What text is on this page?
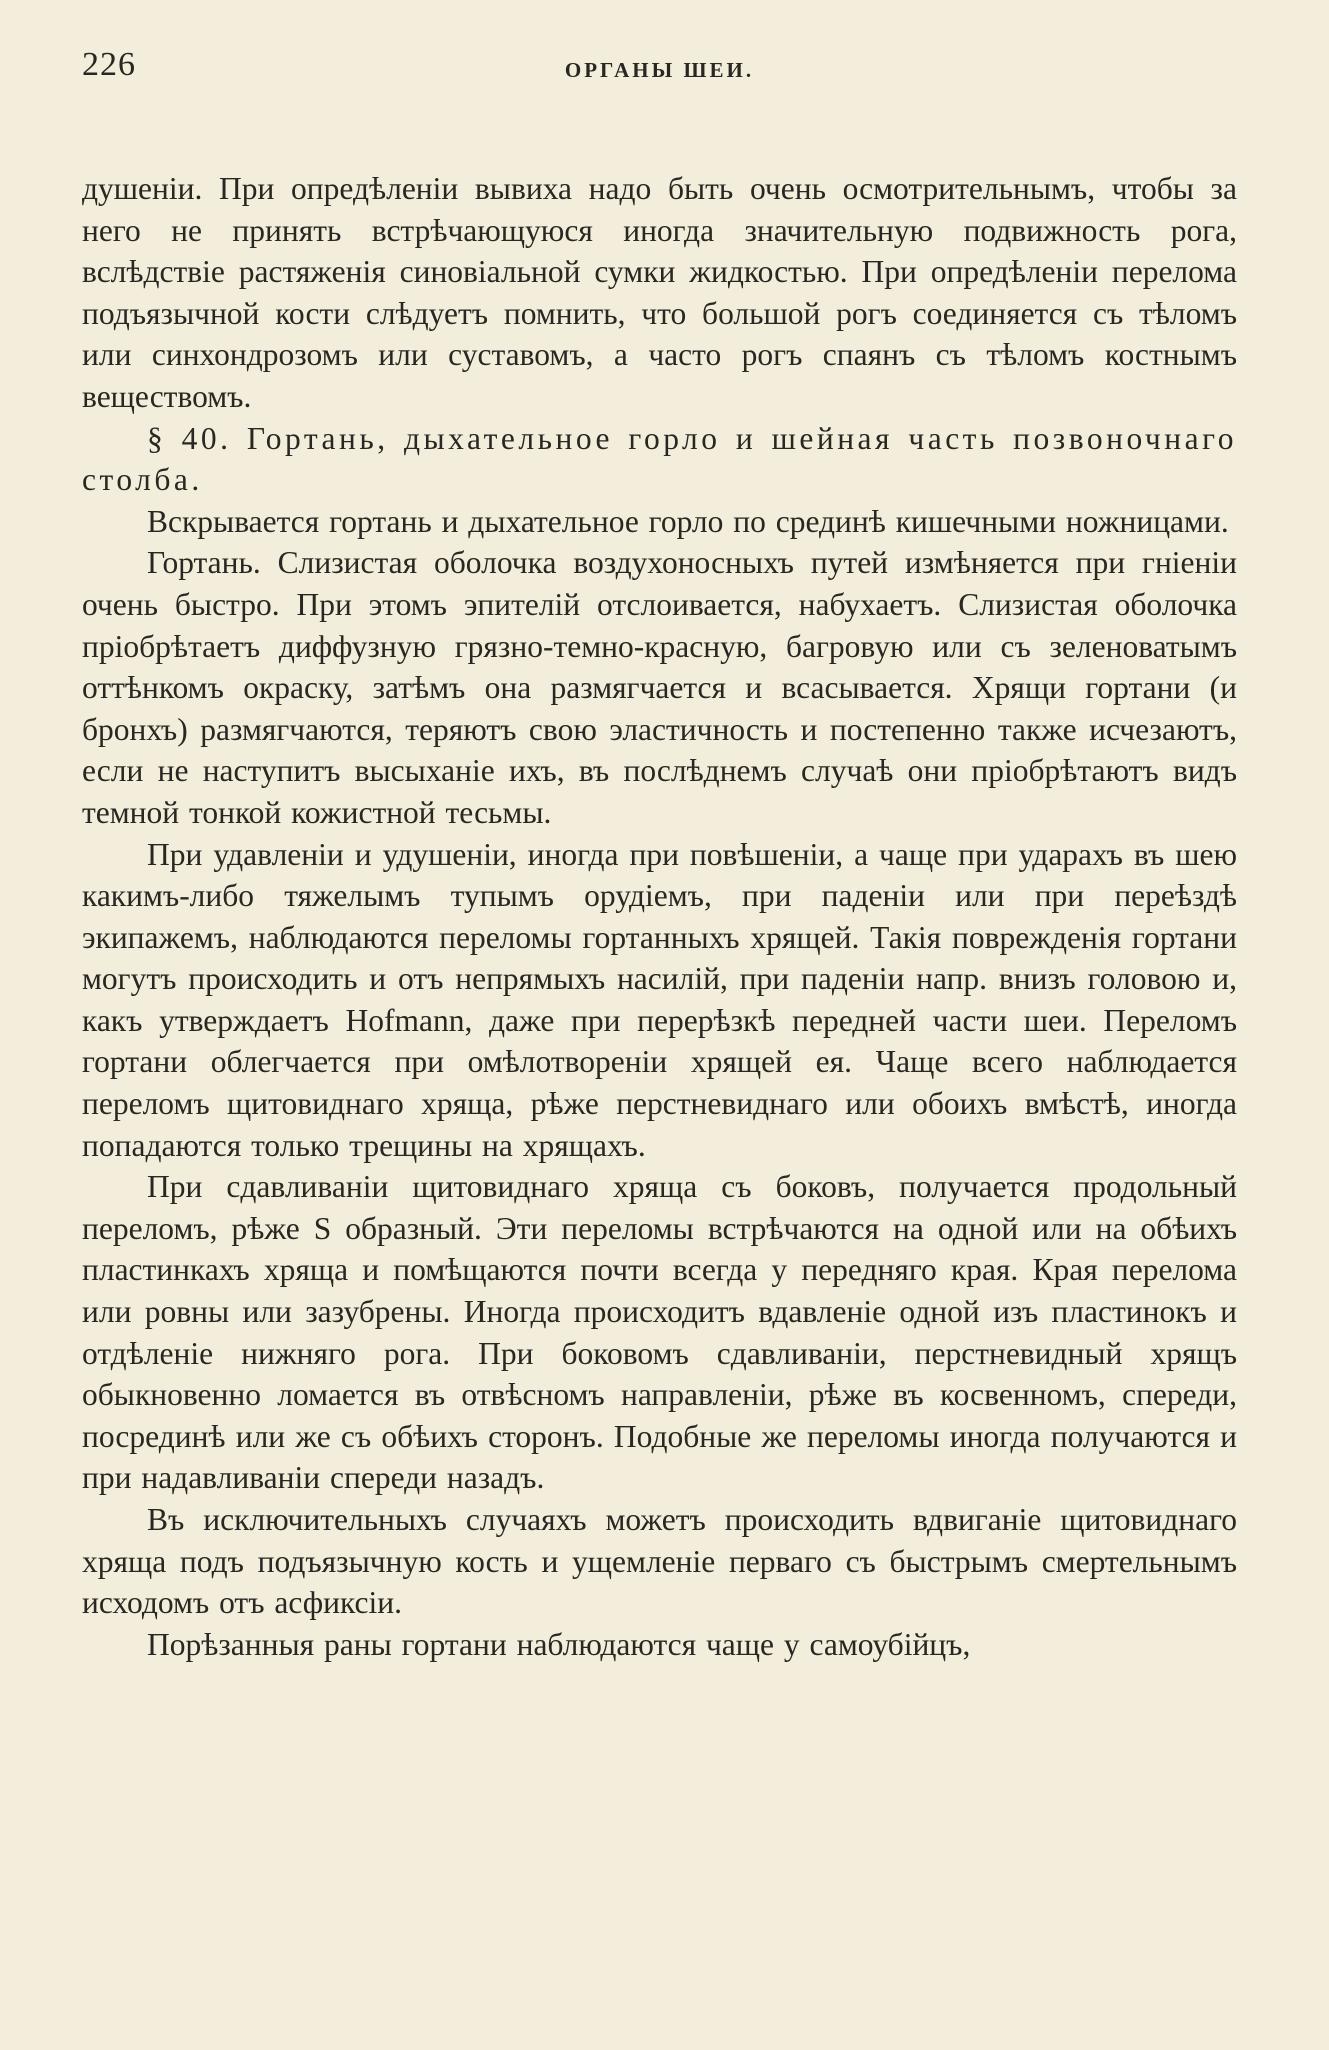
226	ОРГАНЫ ШЕИ.

душенiи. При опредѣленiи вывиха надо быть очень осмотрительнымъ, чтобы за него не принять встрѣчающуюся иногда значительную подвижность рога, вслѣдствiе растяженiя синовiальной сумки жидкостью. При опредѣленiи перелома подъязычной кости слѣдуетъ помнить, что большой рогъ соединяется съ тѣломъ или синхондрозомъ или суставомъ, а часто рогъ спаянъ съ тѣломъ костнымъ веществомъ.

§ 40. Гортань, дыхательное горло и шейная часть позвоночнаго столба.

Вскрывается гортань и дыхательное горло по срединѣ кишечными ножницами.

Гортань. Слизистая оболочка воздухоносныхъ путей измѣняется при гнiенiи очень быстро. При этомъ эпителiй отслоивается, набухаетъ. Слизистая оболочка прiобрѣтаетъ диффузную грязно-темно-красную, багровую или съ зеленоватымъ оттѣнкомъ окраску, затѣмъ она размягчается и всасывается. Хрящи гортани (и бронхъ) размягчаются, теряютъ свою эластичность и постепенно также исчезаютъ, если не наступитъ высыханiе ихъ, въ послѣднемъ случаѣ они прiобрѣтаютъ видъ темной тонкой кожистной тесьмы.

При удавленiи и удушенiи, иногда при повѣшенiи, а чаще при ударахъ въ шею какимъ-либо тяжелымъ тупымъ орудiемъ, при паденiи или при переѣздѣ экипажемъ, наблюдаются переломы гортанныхъ хрящей. Такiя поврежденiя гортани могутъ происходить и отъ непрямыхъ насилiй, при паденiи напр. внизъ головою и, какъ утверждаетъ Hofmann, даже при перерѣзкѣ передней части шеи. Переломъ гортани облегчается при омѣлотворенiи хрящей ея. Чаще всего наблюдается переломъ щитовиднаго хряща, рѣже перстневиднаго или обоихъ вмѣстѣ, иногда попадаются только трещины на хрящахъ.

При сдавливанiи щитовиднаго хряща съ боковъ, получается продольный переломъ, рѣже S образный. Эти переломы встрѣчаются на одной или на обѣихъ пластинкахъ хряща и помѣщаются почти всегда у передняго края. Края перелома или ровны или зазубрены. Иногда происходитъ вдавленiе одной изъ пластинокъ и отдѣленiе нижняго рога. При боковомъ сдавливанiи, перстневидный хрящъ обыкновенно ломается въ отвѣсномъ направленiи, рѣже въ косвенномъ, спереди, посрединѣ или же съ обѣихъ сторонъ. Подобные же переломы иногда получаются и при надавливанiи спереди назадъ.

Въ исключительныхъ случаяхъ можетъ происходить вдвиганiе щитовиднаго хряща подъ подъязычную кость и ущемленiе перваго съ быстрымъ смертельнымъ исходомъ отъ асфиксiи.

Порѣзанныя раны гортани наблюдаются чаще у самоубiйцъ,
